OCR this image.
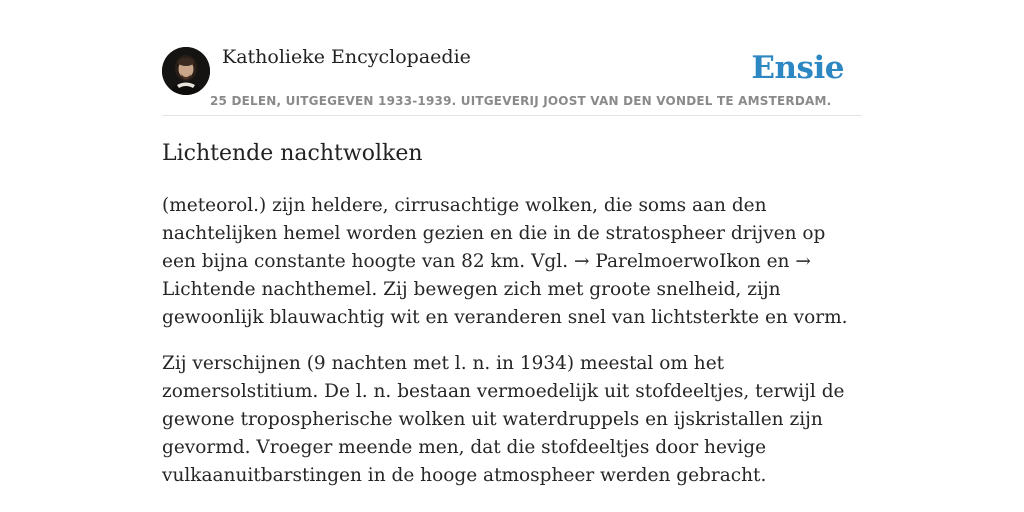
Katholieke Encyclopaedie
25 DELEN, UITGEGEVEN 1933-1939. UITGEVERIJ JOOST VAN DEN VONDEL TE AMSTERDAM.
Ensie
Lichtende nachtwolken

(meteorol.) zijn heldere, cirrusachtige wolken, die soms aan den nachtelijken hemel worden gezien en die in de stratospheer drijven op een bijna constante hoogte van 82 km. Vgl. → ParelmoerwoIkon en → Lichtende nachthemel. Zij bewegen zich met groote snelheid, zijn gewoonlijk blauwachtig wit en veranderen snel van lichtsterkte en vorm.

Zij verschijnen (9 nachten met l. n. in 1934) meestal om het zomersolstitium. De l. n. bestaan vermoedelijk uit stofdeeltjes, terwijl de gewone tropospherische wolken uit waterdruppels en ijskristallen zijn gevormd. Vroeger meende men, dat die stofdeeltjes door hevige vulkaanuitbarstingen in de hooge atmospheer werden gebracht.
